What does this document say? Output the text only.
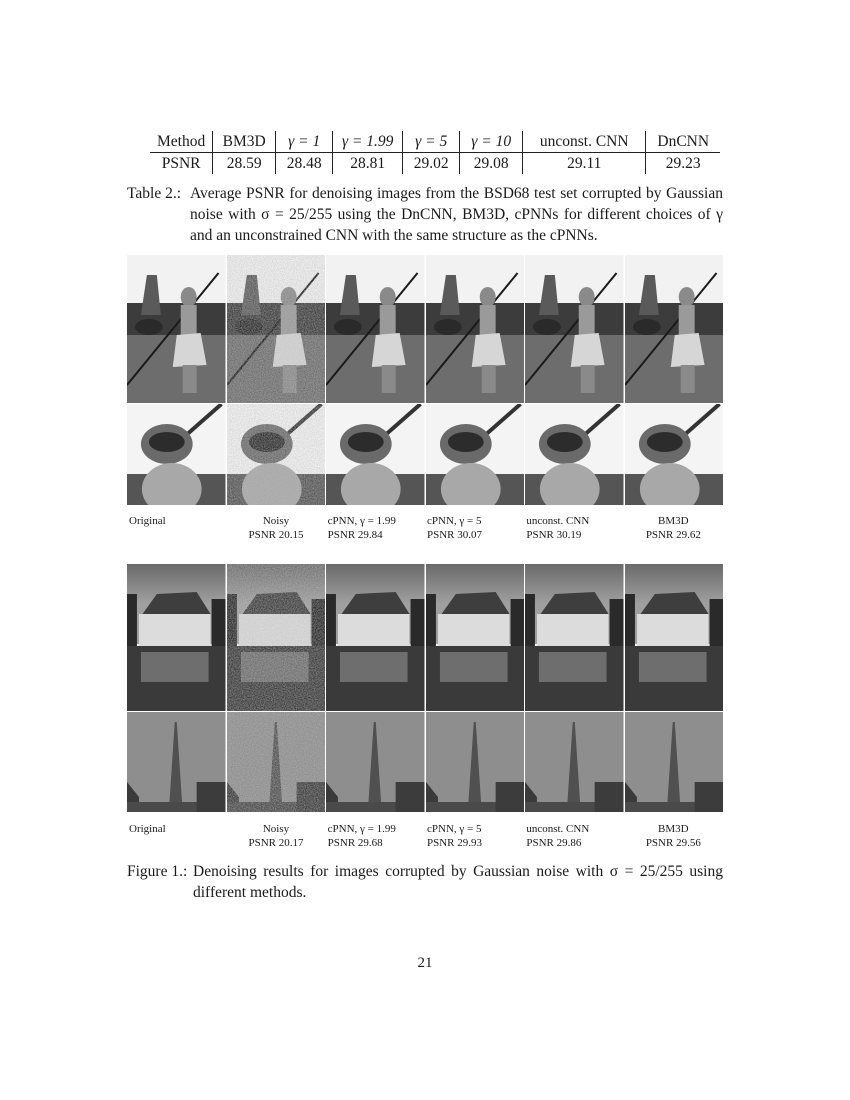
Method	BM3D	γ = 1	γ = 1.99	γ = 5	γ = 10	unconst. CNN	DnCNN
PSNR	28.59	28.48	28.81	29.02	29.08	29.11	29.23
Table 2.: Average PSNR for denoising images from the BSD68 test set corrupted by Gaussian noise with σ = 25/255 using the DnCNN, BM3D, cPNNs for different choices of γ and an unconstrained CNN with the same structure as the cPNNs.
Original	Noisy
PSNR 20.15
cPNN, γ = 1.99
PSNR 29.84
cPNN, γ = 5
PSNR 30.07
unconst. CNN
PSNR 30.19
BM3D
PSNR 29.62
Original	Noisy
PSNR 20.17
cPNN, γ = 1.99
PSNR 29.68
cPNN, γ = 5
PSNR 29.93
unconst. CNN
PSNR 29.86
BM3D
PSNR 29.56
Figure 1.: Denoising results for images corrupted by Gaussian noise with σ = 25/255 using different methods.
21
